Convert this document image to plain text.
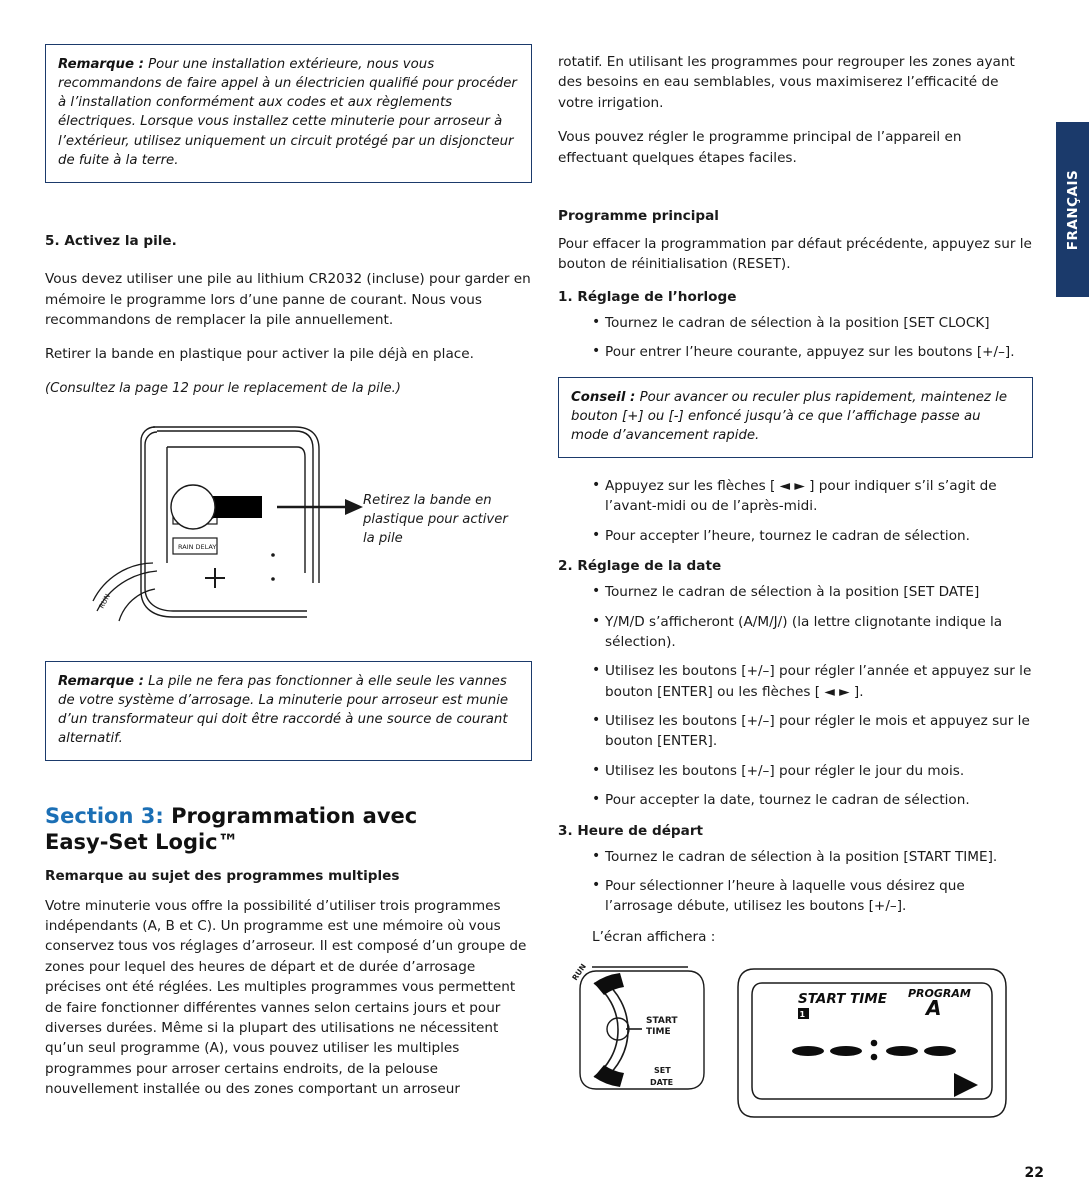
FRANÇAIS
Remarque : Pour une installation extérieure, nous vous recommandons de faire appel à un électricien qualifié pour procéder à l’installation conformément aux codes et aux règlements électriques. Lorsque vous installez cette minuterie pour arroseur à l’extérieur, utilisez uniquement un circuit protégé par un disjoncteur de fuite à la terre.

5. Activez la pile.

Vous devez utiliser une pile au lithium CR2032 (incluse) pour garder en mémoire le programme lors d’une panne de courant. Nous vous recommandons de remplacer la pile annuellement.

Retirer la bande en plastique pour activer la pile déjà en place.

(Consultez la page 12 pour le replacement de la pile.)

RAIN DELAY
RUN
Retirez la bande en plastique pour activer la pile
Remarque : La pile ne fera pas fonctionner à elle seule les vannes de votre système d’arrosage. La minuterie pour arroseur est munie d’un transformateur qui doit être raccordé à une source de courant alternatif.
Section 3: Programmation avec
Easy-Set Logic™
Remarque au sujet des programmes multiples

Votre minuterie vous offre la possibilité d’utiliser trois programmes indépendants (A, B et C). Un programme est une mémoire où vous conservez tous vos réglages d’arroseur. Il est composé d’un groupe de zones pour lequel des heures de départ et de durée d’arrosage précises ont été réglées. Les multiples programmes vous permettent de faire fonctionner différentes vannes selon certains jours et pour diverses durées. Même si la plupart des utilisations ne nécessitent qu’un seul programme (A), vous pouvez utiliser les multiples programmes pour arroser certains endroits, de la pelouse nouvellement installée ou des zones comportant un arroseur

rotatif. En utilisant les programmes pour regrouper les zones ayant des besoins en eau semblables, vous maximiserez l’efficacité de votre irrigation.

Vous pouvez régler le programme principal de l’appareil en effectuant quelques étapes faciles.

Programme principal

Pour effacer la programmation par défaut précédente, appuyez sur le bouton de réinitialisation (RESET).

1. Réglage de l’horloge
• Tournez le cadran de sélection à la position [SET CLOCK]
• Pour entrer l’heure courante, appuyez sur les boutons [+/–].
Conseil : Pour avancer ou reculer plus rapidement, maintenez le bouton [+] ou [-] enfoncé jusqu’à ce que l’affichage passe au mode d’avancement rapide.
• Appuyez sur les flèches [ ◄ ► ] pour indiquer s’il s’agit de l’avant-midi ou de l’après-midi.
• Pour accepter l’heure, tournez le cadran de sélection.
2. Réglage de la date
• Tournez le cadran de sélection à la position [SET DATE]
• Y/M/D s’afficheront (A/M/J/) (la lettre clignotante indique la sélection).
• Utilisez les boutons [+/–] pour régler l’année et appuyez sur le bouton [ENTER] ou les flèches [ ◄ ► ].
• Utilisez les boutons [+/–] pour régler le mois et appuyez sur le bouton [ENTER].
• Utilisez les boutons [+/–] pour régler le jour du mois.
• Pour accepter la date, tournez le cadran de sélection.
3. Heure de départ
• Tournez le cadran de sélection à la position [START TIME].
• Pour sélectionner l’heure à laquelle vous désirez que l’arrosage débute, utilisez les boutons [+/–].
L’écran affichera :
RUN
START
TIME
SET
DATE
START TIME PROGRAM
A
1
22
